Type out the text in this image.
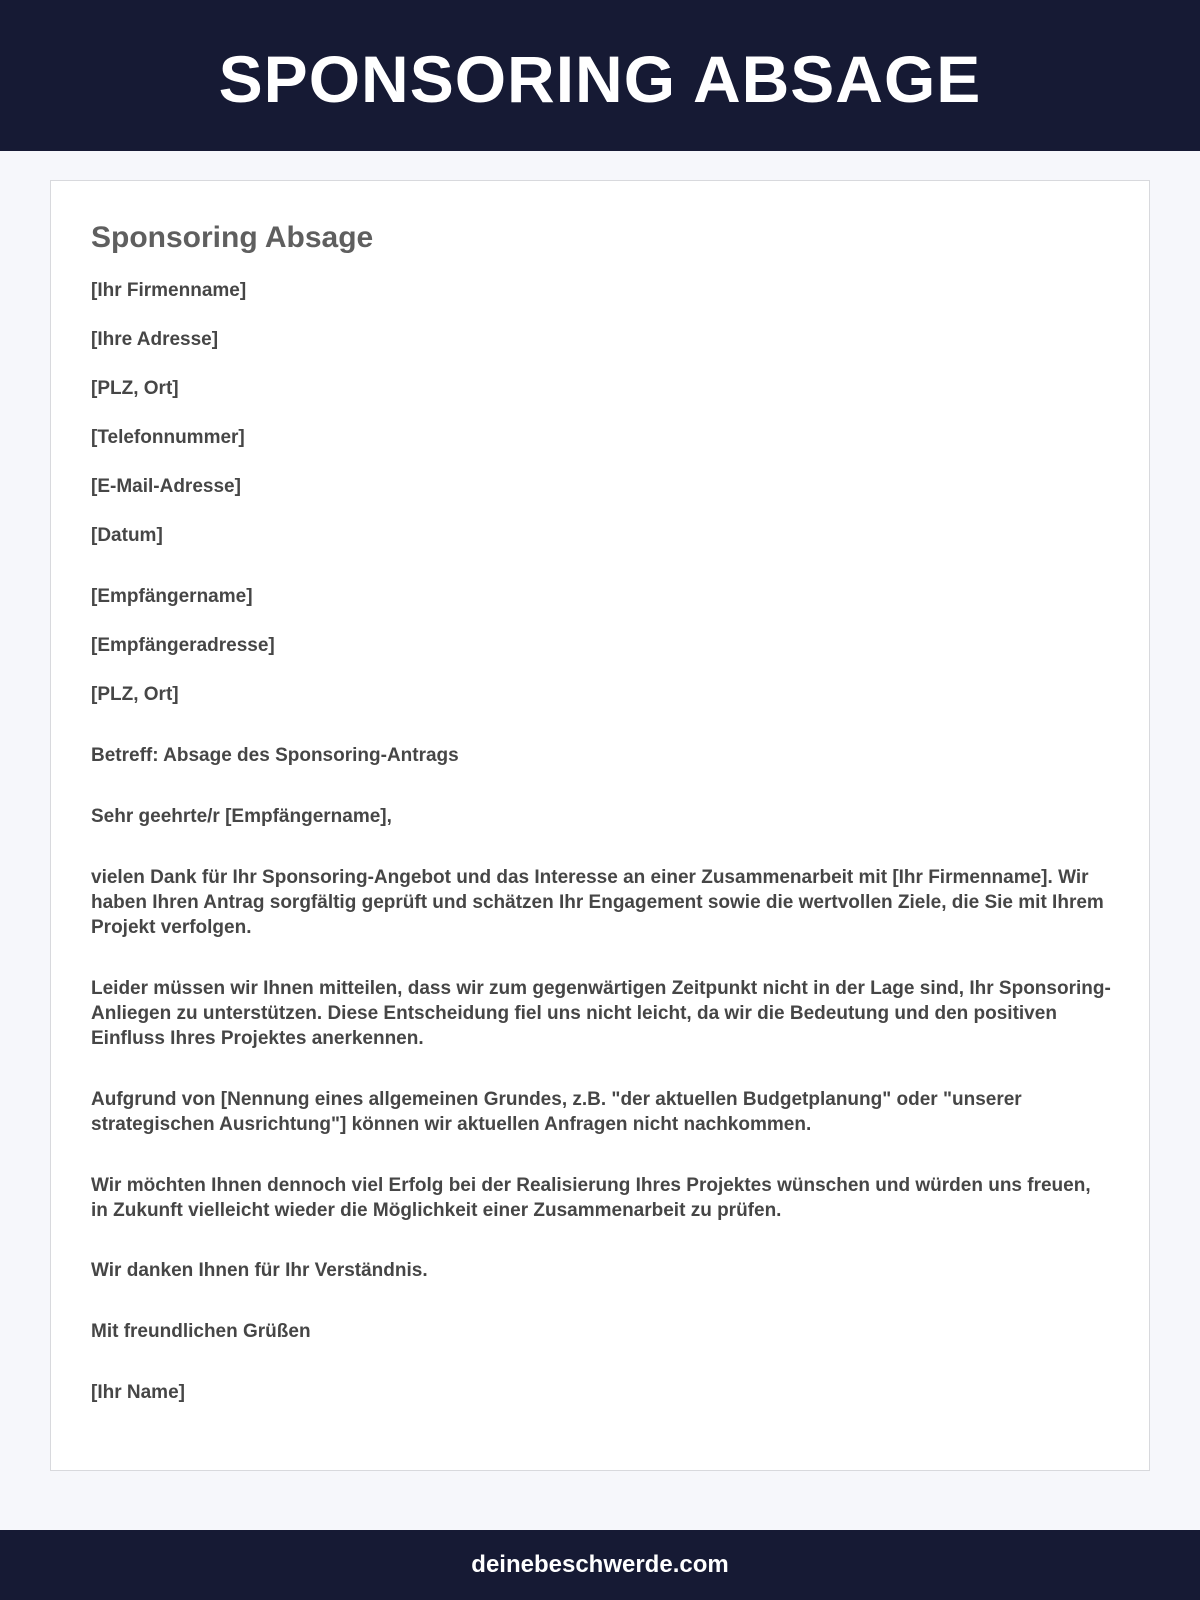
SPONSORING ABSAGE
Sponsoring Absage
[Ihr Firmenname]
[Ihre Adresse]
[PLZ, Ort]
[Telefonnummer]
[E-Mail-Adresse]
[Datum]
[Empfängername]
[Empfängeradresse]
[PLZ, Ort]
Betreff: Absage des Sponsoring-Antrags
Sehr geehrte/r [Empfängername],
vielen Dank für Ihr Sponsoring-Angebot und das Interesse an einer Zusammenarbeit mit [Ihr Firmenname]. Wir haben Ihren Antrag sorgfältig geprüft und schätzen Ihr Engagement sowie die wertvollen Ziele, die Sie mit Ihrem Projekt verfolgen.
Leider müssen wir Ihnen mitteilen, dass wir zum gegenwärtigen Zeitpunkt nicht in der Lage sind, Ihr Sponsoring-Anliegen zu unterstützen. Diese Entscheidung fiel uns nicht leicht, da wir die Bedeutung und den positiven Einfluss Ihres Projektes anerkennen.
Aufgrund von [Nennung eines allgemeinen Grundes, z.B. "der aktuellen Budgetplanung" oder "unserer strategischen Ausrichtung"] können wir aktuellen Anfragen nicht nachkommen.
Wir möchten Ihnen dennoch viel Erfolg bei der Realisierung Ihres Projektes wünschen und würden uns freuen, in Zukunft vielleicht wieder die Möglichkeit einer Zusammenarbeit zu prüfen.
Wir danken Ihnen für Ihr Verständnis.
Mit freundlichen Grüßen
[Ihr Name]
deinebeschwerde.com
